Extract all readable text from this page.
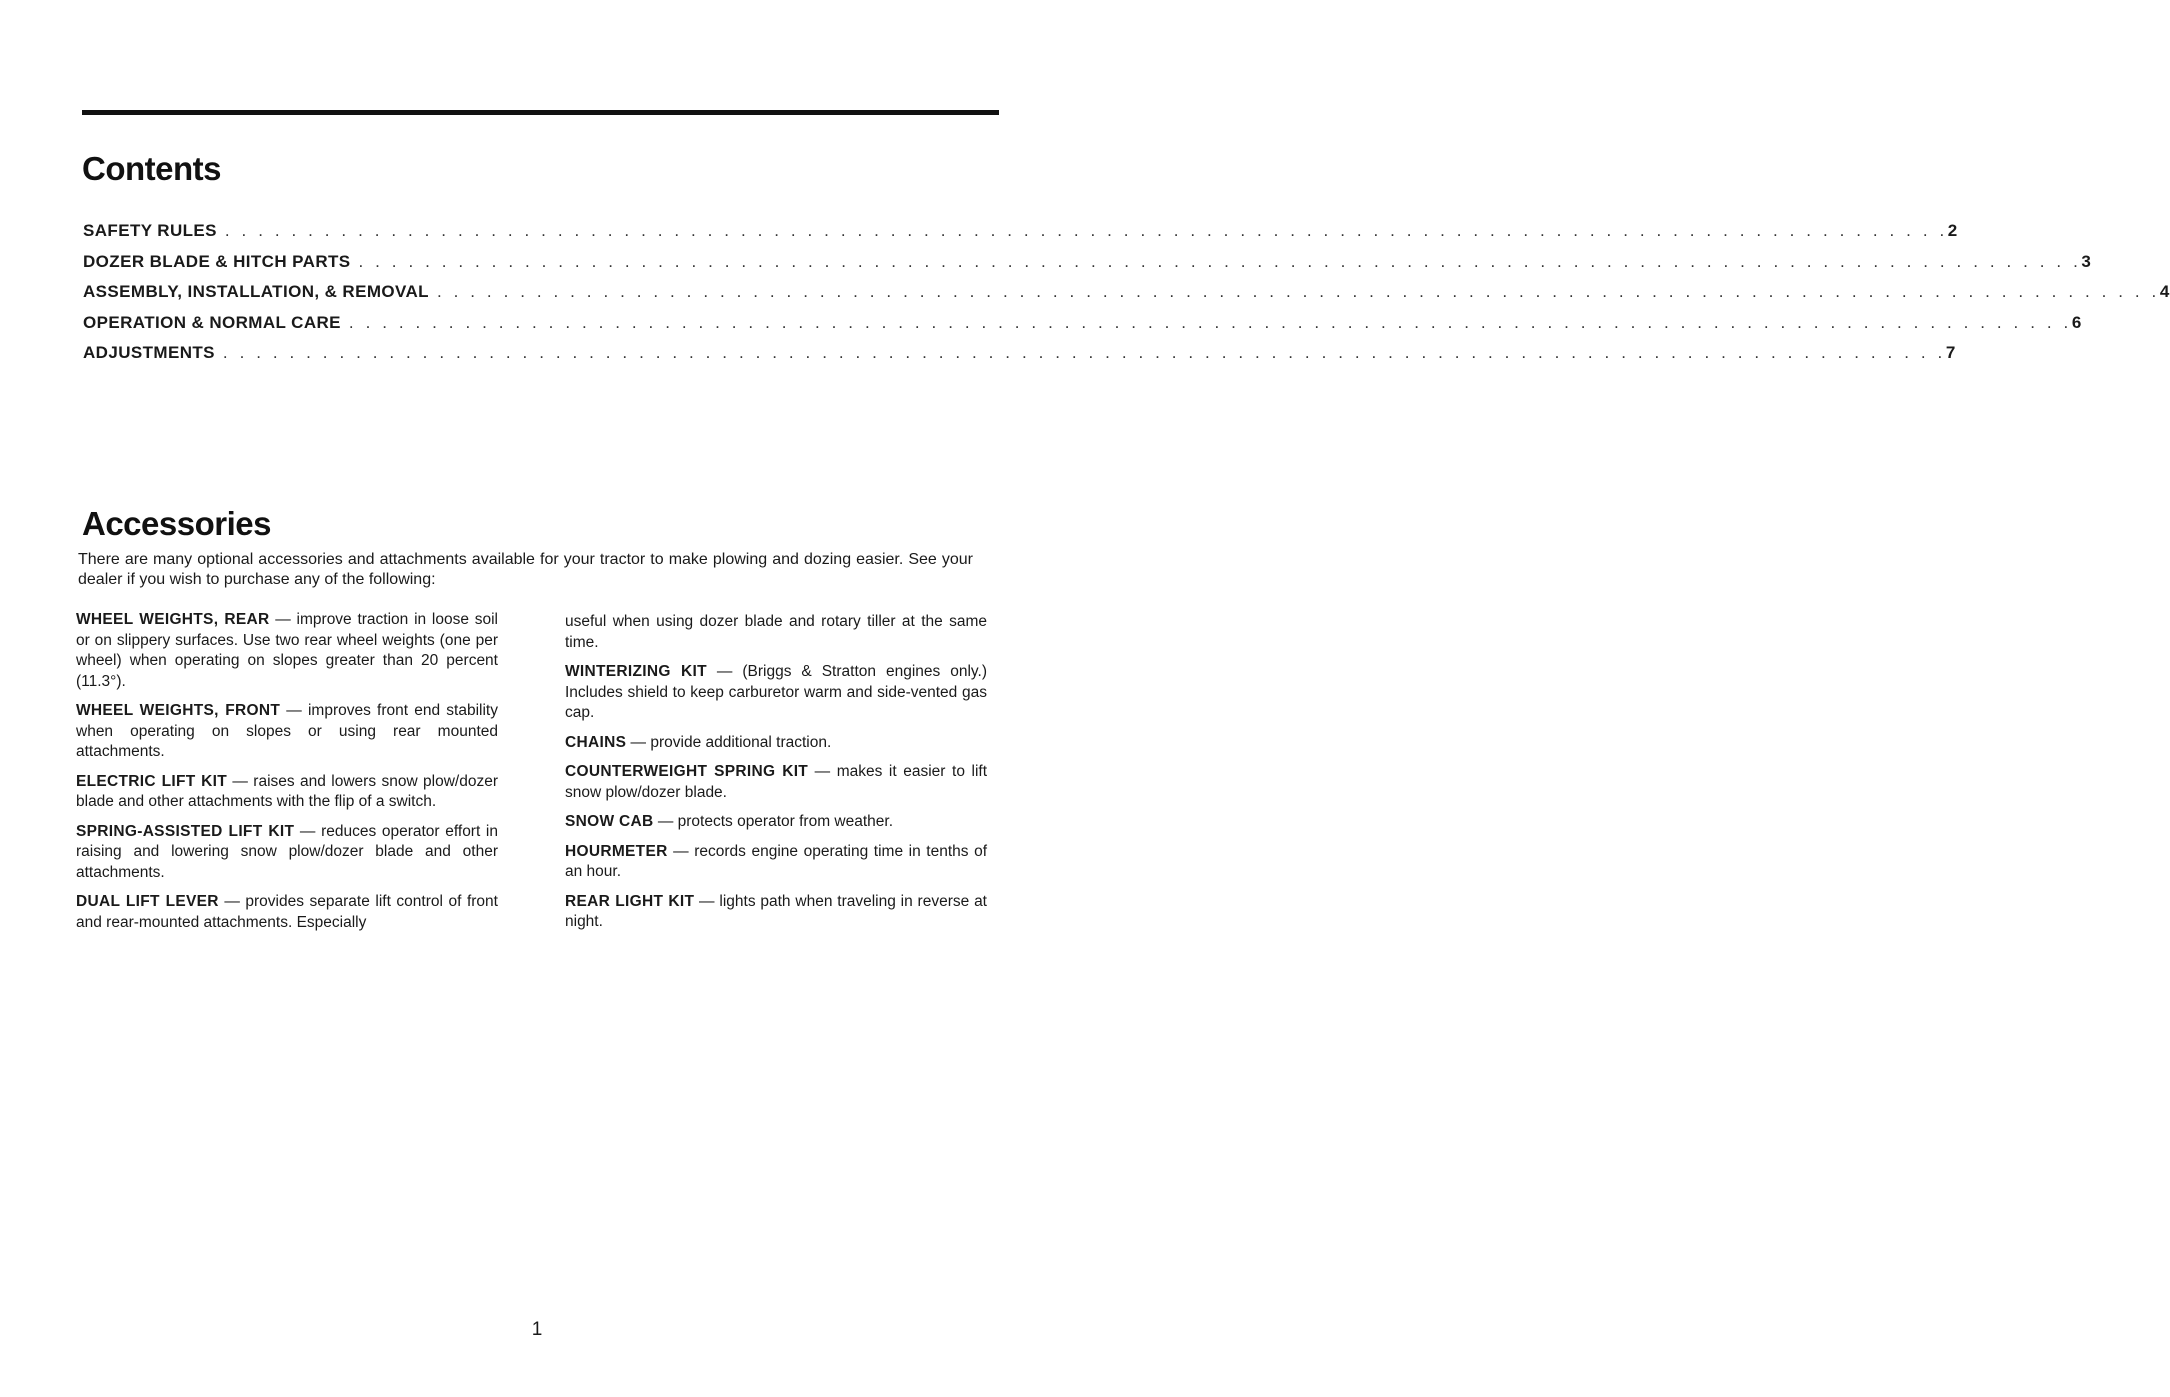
Contents
SAFETY RULES . . . . . . . . . . . . . . . . . . . . . . . . . . . . . . . . . . . . . . . . . . . . . . . . . . . . . . . . . . . . . . . . . . . . . . . . . . . . . . . . . . . . . . . . . . . . . . . . . . . . . . . . 2
DOZER BLADE & HITCH PARTS . . . . . . . . . . . . . . . . . . . . . . . . . . . . . . . . . . . . . . . . . . . . . . . . . . . . . . . . . . . . . . . . . . . . . . . . . . . . . . . . . . . . . . . . . . . . . . . . . . . . . . . . 3
ASSEMBLY, INSTALLATION, & REMOVAL . . . . . . . . . . . . . . . . . . . . . . . . . . . . . . . . . . . . . . . . . . . . . . . . . . . . . . . . . . . . . . . . . . . . . . . . . . . . . . . . . . . . . . . . . . . . . . . . . . . . . . . . 4
OPERATION & NORMAL CARE . . . . . . . . . . . . . . . . . . . . . . . . . . . . . . . . . . . . . . . . . . . . . . . . . . . . . . . . . . . . . . . . . . . . . . . . . . . . . . . . . . . . . . . . . . . . . . . . . . . . . . . . 6
ADJUSTMENTS . . . . . . . . . . . . . . . . . . . . . . . . . . . . . . . . . . . . . . . . . . . . . . . . . . . . . . . . . . . . . . . . . . . . . . . . . . . . . . . . . . . . . . . . . . . . . . . . . . . . . . . . 7
Accessories

There are many optional accessories and attachments available for your tractor to make plowing and dozing easier. See your dealer if you wish to purchase any of the following:

WHEEL WEIGHTS, REAR — improve traction in loose soil or on slippery surfaces. Use two rear wheel weights (one per wheel) when operating on slopes greater than 20 percent (11.3°).

WHEEL WEIGHTS, FRONT — improves front end stability when operating on slopes or using rear mounted attachments.

ELECTRIC LIFT KIT — raises and lowers snow plow/dozer blade and other attachments with the flip of a switch.

SPRING-ASSISTED LIFT KIT — reduces operator effort in raising and lowering snow plow/dozer blade and other attachments.

DUAL LIFT LEVER — provides separate lift control of front and rear-mounted attachments. Especially

useful when using dozer blade and rotary tiller at the same time.

WINTERIZING KIT — (Briggs & Stratton engines only.) Includes shield to keep carburetor warm and side-vented gas cap.

CHAINS — provide additional traction.

COUNTERWEIGHT SPRING KIT — makes it easier to lift snow plow/dozer blade.

SNOW CAB — protects operator from weather.

HOURMETER — records engine operating time in tenths of an hour.

REAR LIGHT KIT — lights path when traveling in reverse at night.

1
